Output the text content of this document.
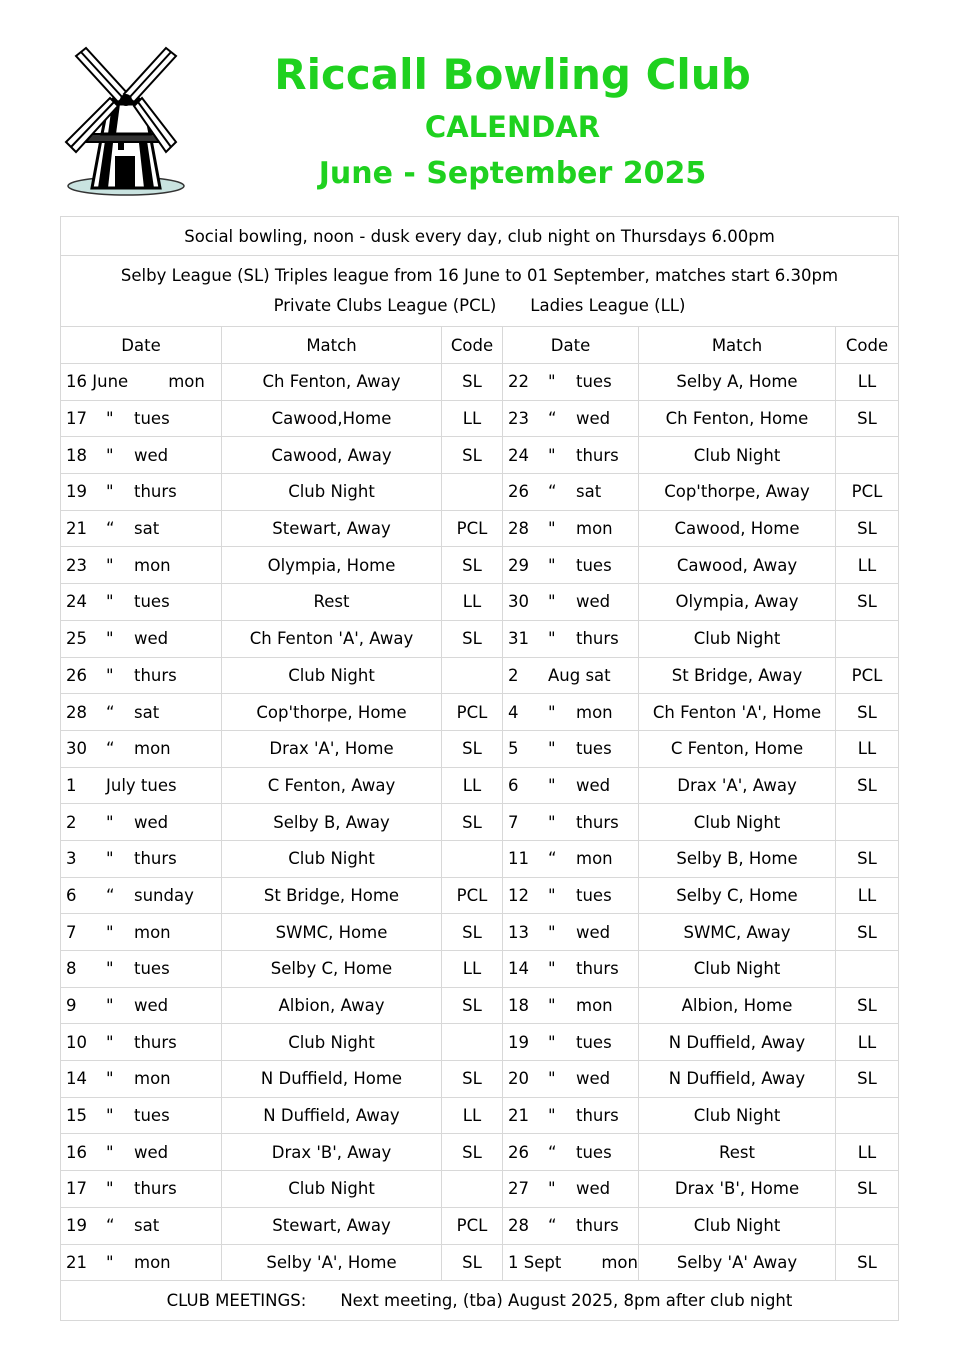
Riccall Bowling Club
CALENDAR
June - September 2025
Social bowling, noon - dusk every day, club night on Thursdays 6.00pm					

Selby League (SL) Triples league from 16 June to 01 September, matches start 6.30pm
Private Clubs League (PCL) Ladies League (LL)					

Date	Match	Code	Date	Match	Code
16 June mon	Ch Fenton, Away	SL	22 " tues	Selby A, Home	LL
17 " tues	Cawood,Home	LL	23 “ wed	Ch Fenton, Home	SL
18 " wed	Cawood, Away	SL	24 " thurs	Club Night	
19 " thurs	Club Night		26 “ sat	Cop'thorpe, Away	PCL
21 “ sat	Stewart, Away	PCL	28 " mon	Cawood, Home	SL
23 " mon	Olympia, Home	SL	29 " tues	Cawood, Away	LL
24 " tues	Rest	LL	30 " wed	Olympia, Away	SL
25 " wed	Ch Fenton 'A', Away	SL	31 " thurs	Club Night	
26 " thurs	Club Night		2 Aug sat	St Bridge, Away	PCL
28 “ sat	Cop'thorpe, Home	PCL	4 " mon	Ch Fenton 'A', Home	SL
30 “ mon	Drax 'A', Home	SL	5 " tues	C Fenton, Home	LL
1 July tues	C Fenton, Away	LL	6 " wed	Drax 'A', Away	SL
2 " wed	Selby B, Away	SL	7 " thurs	Club Night	
3 " thurs	Club Night		11 “ mon	Selby B, Home	SL
6 “ sunday	St Bridge, Home	PCL	12 " tues	Selby C, Home	LL
7 " mon	SWMC, Home	SL	13 " wed	SWMC, Away	SL
8 " tues	Selby C, Home	LL	14 " thurs	Club Night	
9 " wed	Albion, Away	SL	18 " mon	Albion, Home	SL
10 " thurs	Club Night		19 " tues	N Duffield, Away	LL
14 " mon	N Duffield, Home	SL	20 " wed	N Duffield, Away	SL
15 " tues	N Duffield, Away	LL	21 " thurs	Club Night	
16 " wed	Drax 'B', Away	SL	26 “ tues	Rest	LL
17 " thurs	Club Night		27 " wed	Drax 'B', Home	SL
19 “ sat	Stewart, Away	PCL	28 “ thurs	Club Night	
21 " mon	Selby 'A', Home	SL	1 Sept mon	Selby 'A' Away	SL
CLUB MEETINGS: Next meeting, (tba) August 2025, 8pm after club night					
